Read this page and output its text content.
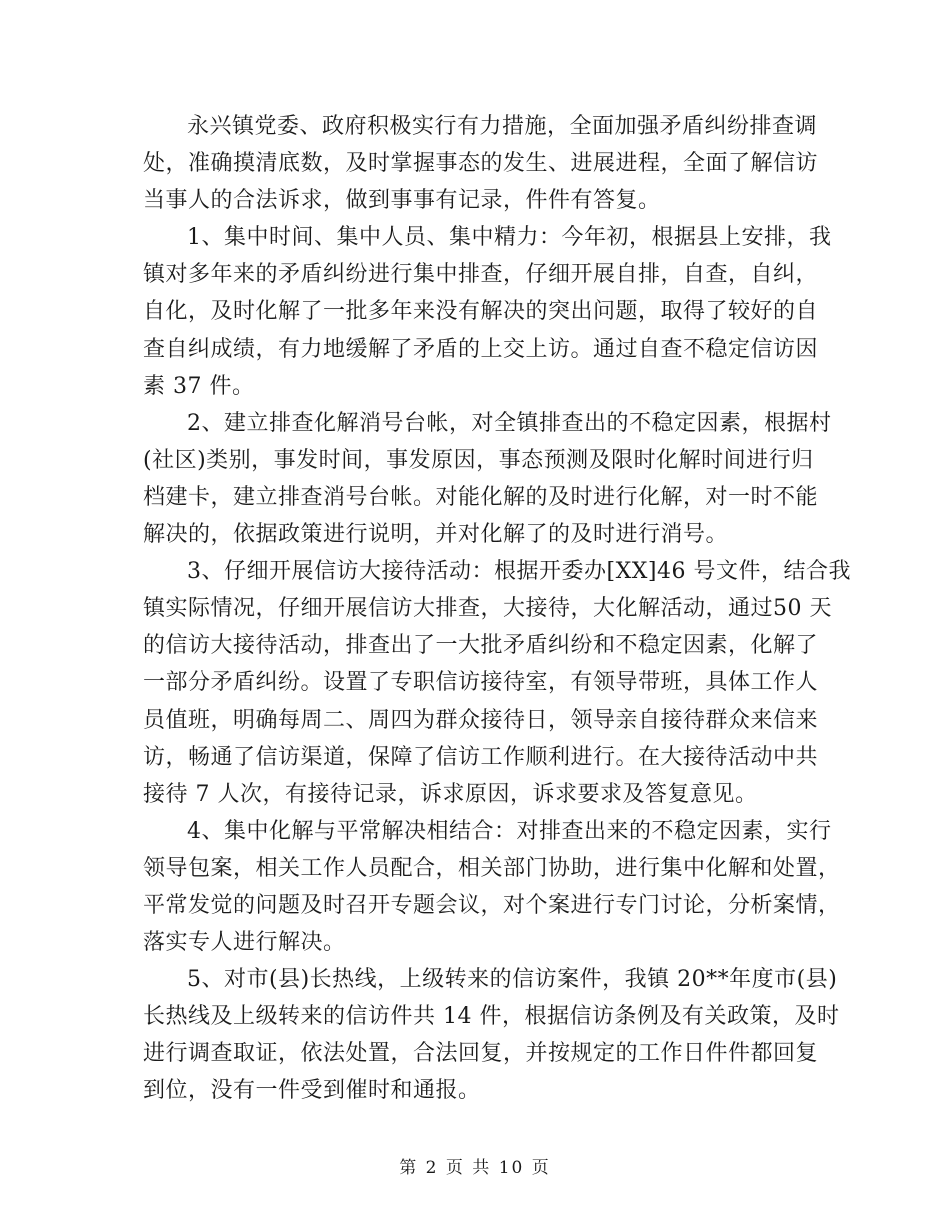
永兴镇党委、政府积极实行有力措施，全面加强矛盾纠纷排查调
处，准确摸清底数，及时掌握事态的发生、进展进程，全面了解信访
当事人的合法诉求，做到事事有记录，件件有答复。
1、集中时间、集中人员、集中精力：今年初，根据县上安排，我
镇对多年来的矛盾纠纷进行集中排查，仔细开展自排，自查，自纠，
自化，及时化解了一批多年来没有解决的突出问题，取得了较好的自
查自纠成绩，有力地缓解了矛盾的上交上访。通过自查不稳定信访因
素 37 件。
2、建立排查化解消号台帐，对全镇排查出的不稳定因素，根据村
(社区)类别，事发时间，事发原因，事态预测及限时化解时间进行归
档建卡，建立排查消号台帐。对能化解的及时进行化解，对一时不能
解决的，依据政策进行说明，并对化解了的及时进行消号。
3、仔细开展信访大接待活动：根据开委办[XX]46 号文件，结合我
镇实际情况，仔细开展信访大排查，大接待，大化解活动，通过50 天
的信访大接待活动，排查出了一大批矛盾纠纷和不稳定因素，化解了
一部分矛盾纠纷。设置了专职信访接待室，有领导带班，具体工作人
员值班，明确每周二、周四为群众接待日，领导亲自接待群众来信来
访，畅通了信访渠道，保障了信访工作顺利进行。在大接待活动中共
接待 7 人次，有接待记录，诉求原因，诉求要求及答复意见。
4、集中化解与平常解决相结合：对排查出来的不稳定因素，实行
领导包案，相关工作人员配合，相关部门协助，进行集中化解和处置，
平常发觉的问题及时召开专题会议，对个案进行专门讨论，分析案情，
落实专人进行解决。
5、对市(县)长热线，上级转来的信访案件，我镇 20**年度市(县)
长热线及上级转来的信访件共 14 件，根据信访条例及有关政策，及时
进行调查取证，依法处置，合法回复，并按规定的工作日件件都回复
到位，没有一件受到催时和通报。
第 2 页 共 10 页
